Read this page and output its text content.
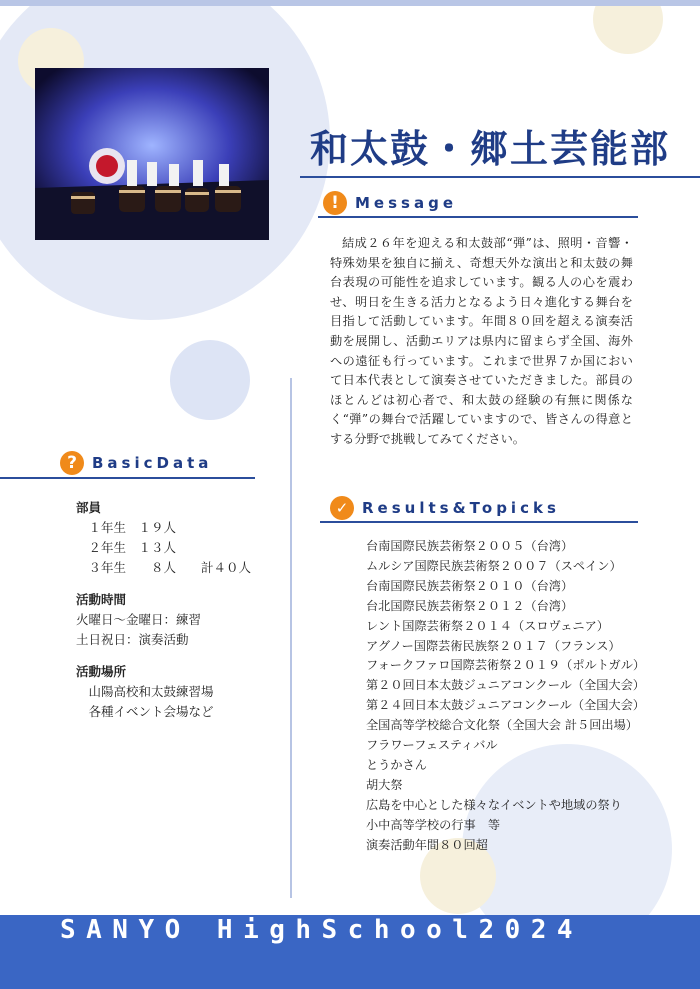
和太鼓・郷土芸能部
!	Message
結成２６年を迎える和太鼓部“弾”は、照明・音響・特殊効果を独自に揃え、奇想天外な演出と和太鼓の舞台表現の可能性を追求しています。観る人の心を震わせ、明日を生きる活力となるよう日々進化する舞台を目指して活動しています。年間８０回を超える演奏活動を展開し、活動エリアは県内に留まらず全国、海外への遠征も行っています。これまで世界７か国において日本代表として演奏させていただきました。部員のほとんどは初心者で、和太鼓の経験の有無に関係なく“弾”の舞台で活躍していますので、皆さんの得意とする分野で挑戦してみてください。
?	BasicData
部員
　１年生　１９人
　２年生　１３人
　３年生　　８人　　計４０人
活動時間
火曜日～金曜日：練習
土日祝日：演奏活動
活動場所
　山陽高校和太鼓練習場
　各種イベント会場など
✓ Results&Topicks
台南国際民族芸術祭２００５（台湾）
ムルシア国際民族芸術祭２００７（スペイン）
台南国際民族芸術祭２０１０（台湾）
台北国際民族芸術祭２０１２（台湾）
レント国際芸術祭２０１４（スロヴェニア）
アグノー国際芸術民族祭２０１７（フランス）
フォークファロ国際芸術祭２０１９（ポルトガル）
第２０回日本太鼓ジュニアコンクール（全国大会）
第２４回日本太鼓ジュニアコンクール（全国大会）
全国高等学校総合文化祭（全国大会 計５回出場）
フラワーフェスティバル
とうかさん
胡大祭
広島を中心とした様々なイベントや地域の祭り
小中高等学校の行事　等
演奏活動年間８０回超
SANYO HighSchool2024
